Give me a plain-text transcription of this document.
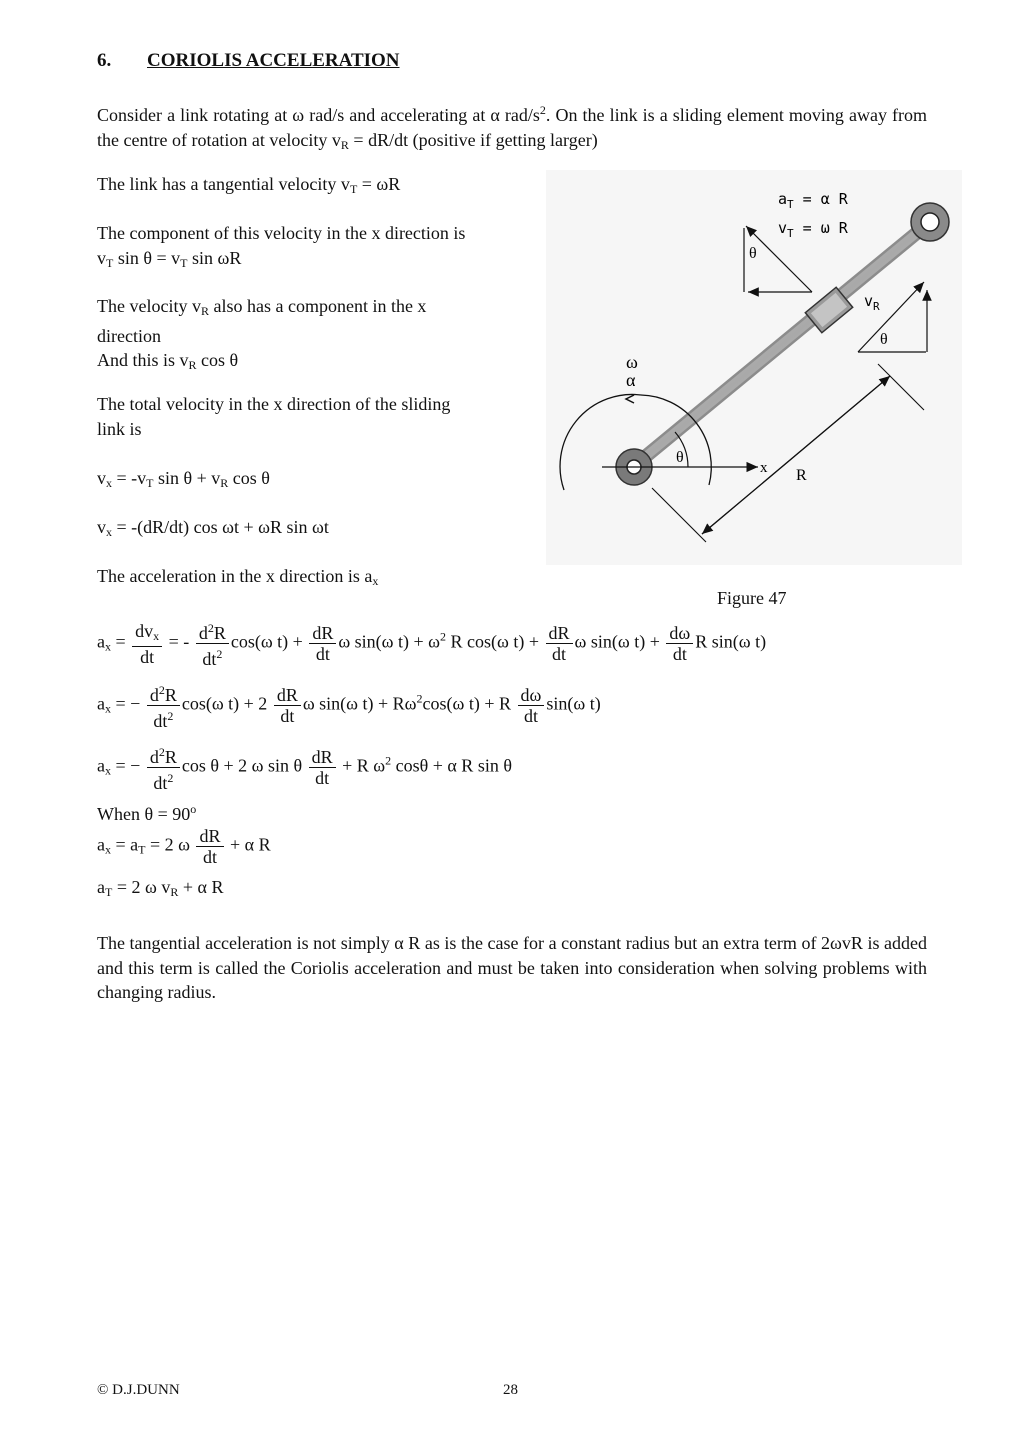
6. CORIOLIS ACCELERATION
Consider a link rotating at ω rad/s and accelerating at α rad/$s^2$. On the link is a sliding element moving away from the centre of rotation at velocity $v_R = dR/dt$ (positive if getting larger)
The link has a tangential velocity $v_T = \omega R$
The component of this velocity in the x direction is
$v_T$ $\sin \theta = v_T$ sin ωR
The velocity $v_R$ also has a component in the x
direction
And this is $v_R$ cos θ
The total velocity in the x direction of the sliding
link is
$v_x = -v_T$ $\sin \theta + v_R$ cos θ
$v_x = -(dR/dt)$ cos ωt + ωR sin ωt
The acceleration in the x direction is $a_x$
x
ω
α
θ
R
θ
$a_T = \alpha$ R
$v_T = \omega$ R
θ
$v_R$
Figure 47
$a_x = \frac{dv_x}{dt}$ = - $\frac{d^2R}{dt^2} \cos(\omega$ $t) + \frac{dR}{dt}$ ω sin(ω $t) + \omega^2$ R cos(ω $t) + \frac{dR}{dt}$ ω sin(ω $t) + \frac{d\omega}{dt}$ R sin(ω t)
$a_x$ = − $\frac{d^2R}{dt^2} \cos(\omega$ $t) + 2 \frac{dR}{dt}$ ω sin(ω $t) + R\omega^2\cos(\omega$ t) + R $\frac{d\omega}{dt} \sin(\omega$ t)
$a_x$ = − $\frac{d^2R}{dt^2}$ cos θ + 2 ω sin θ $\frac{dR}{dt} + R$ $\omega^2$ cosθ + α R sin θ
When $\theta = 90^o$
$a_x = a_T = 2$ ω $\frac{dR}{dt} + \alpha$ R
$a_T = 2$ ω $v_R + \alpha$ R
The tangential acceleration is not simply α R as is the case for a constant radius but an extra term of 2ωvR is added and this term is called the Coriolis acceleration and must be taken into consideration when solving problems with changing radius.
© D.J.DUNN	28
